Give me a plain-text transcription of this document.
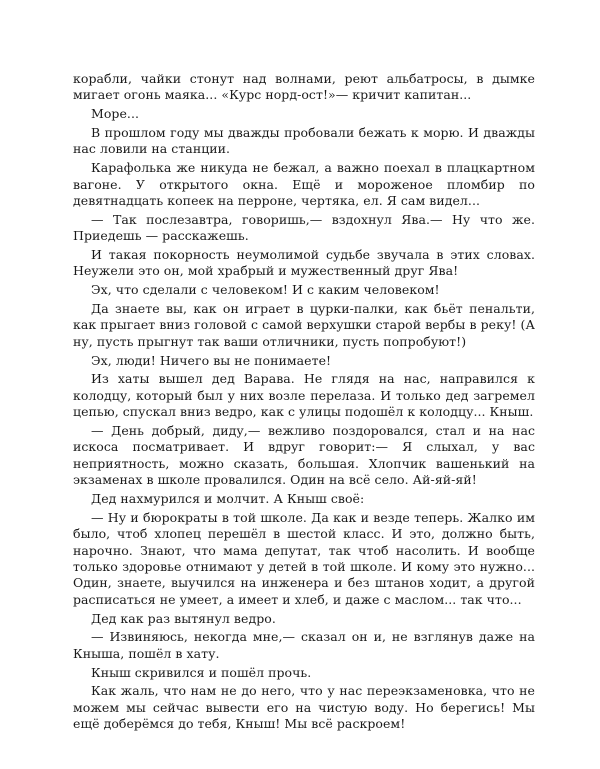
корабли, чайки стонут над волнами, реют альбатросы, в дымке мигает огонь маяка... «Курс норд-ост!»— кричит капитан...

Море...

В прошлом году мы дважды пробовали бежать к морю. И дважды нас ловили на станции.

Карафолька же никуда не бежал, а важно поехал в плацкартном вагоне. У открытого окна. Ещё и мороженое пломбир по девятнадцать копеек на перроне, чертяка, ел. Я сам видел...

— Так послезавтра, говоришь,— вздохнул Ява.— Ну что же. Приедешь — расскажешь.

И такая покорность неумолимой судьбе звучала в этих словах. Неужели это он, мой храбрый и мужественный друг Ява!

Эх, что сделали с человеком! И с каким человеком!

Да знаете вы, как он играет в цурки-палки, как бьёт пенальти, как прыгает вниз головой с самой верхушки старой вербы в реку! (А ну, пусть прыгнут так ваши отличники, пусть попробуют!)

Эх, люди! Ничего вы не понимаете!

Из хаты вышел дед Варава. Не глядя на нас, направился к колодцу, который был у них возле перелаза. И только дед загремел цепью, спускал вниз ведро, как с улицы подошёл к колодцу... Кныш.

— День добрый, диду,— вежливо поздоровался, стал и на нас искоса посматривает. И вдруг говорит:— Я слыхал, у вас неприятность, можно сказать, большая. Хлопчик вашенький на экзаменах в школе провалился. Один на всё село. Ай-яй-яй!

Дед нахмурился и молчит. А Кныш своё:

— Ну и бюрократы в той школе. Да как и везде теперь. Жалко им было, чтоб хлопец перешёл в шестой класс. И это, должно быть, нарочно. Знают, что мама депутат, так чтоб насолить. И вообще только здоровье отнимают у детей в той школе. И кому это нужно... Один, знаете, выучился на инженера и без штанов ходит, а другой расписаться не умеет, а имеет и хлеб, и даже с маслом... так что...

Дед как раз вытянул ведро.

— Извиняюсь, некогда мне,— сказал он и, не взглянув даже на Кныша, пошёл в хату.

Кныш скривился и пошёл прочь.

Как жаль, что нам не до него, что у нас переэкзаменовка, что не можем мы сейчас вывести его на чистую воду. Но берегись! Мы ещё доберёмся до тебя, Кныш! Мы всё раскроем!
